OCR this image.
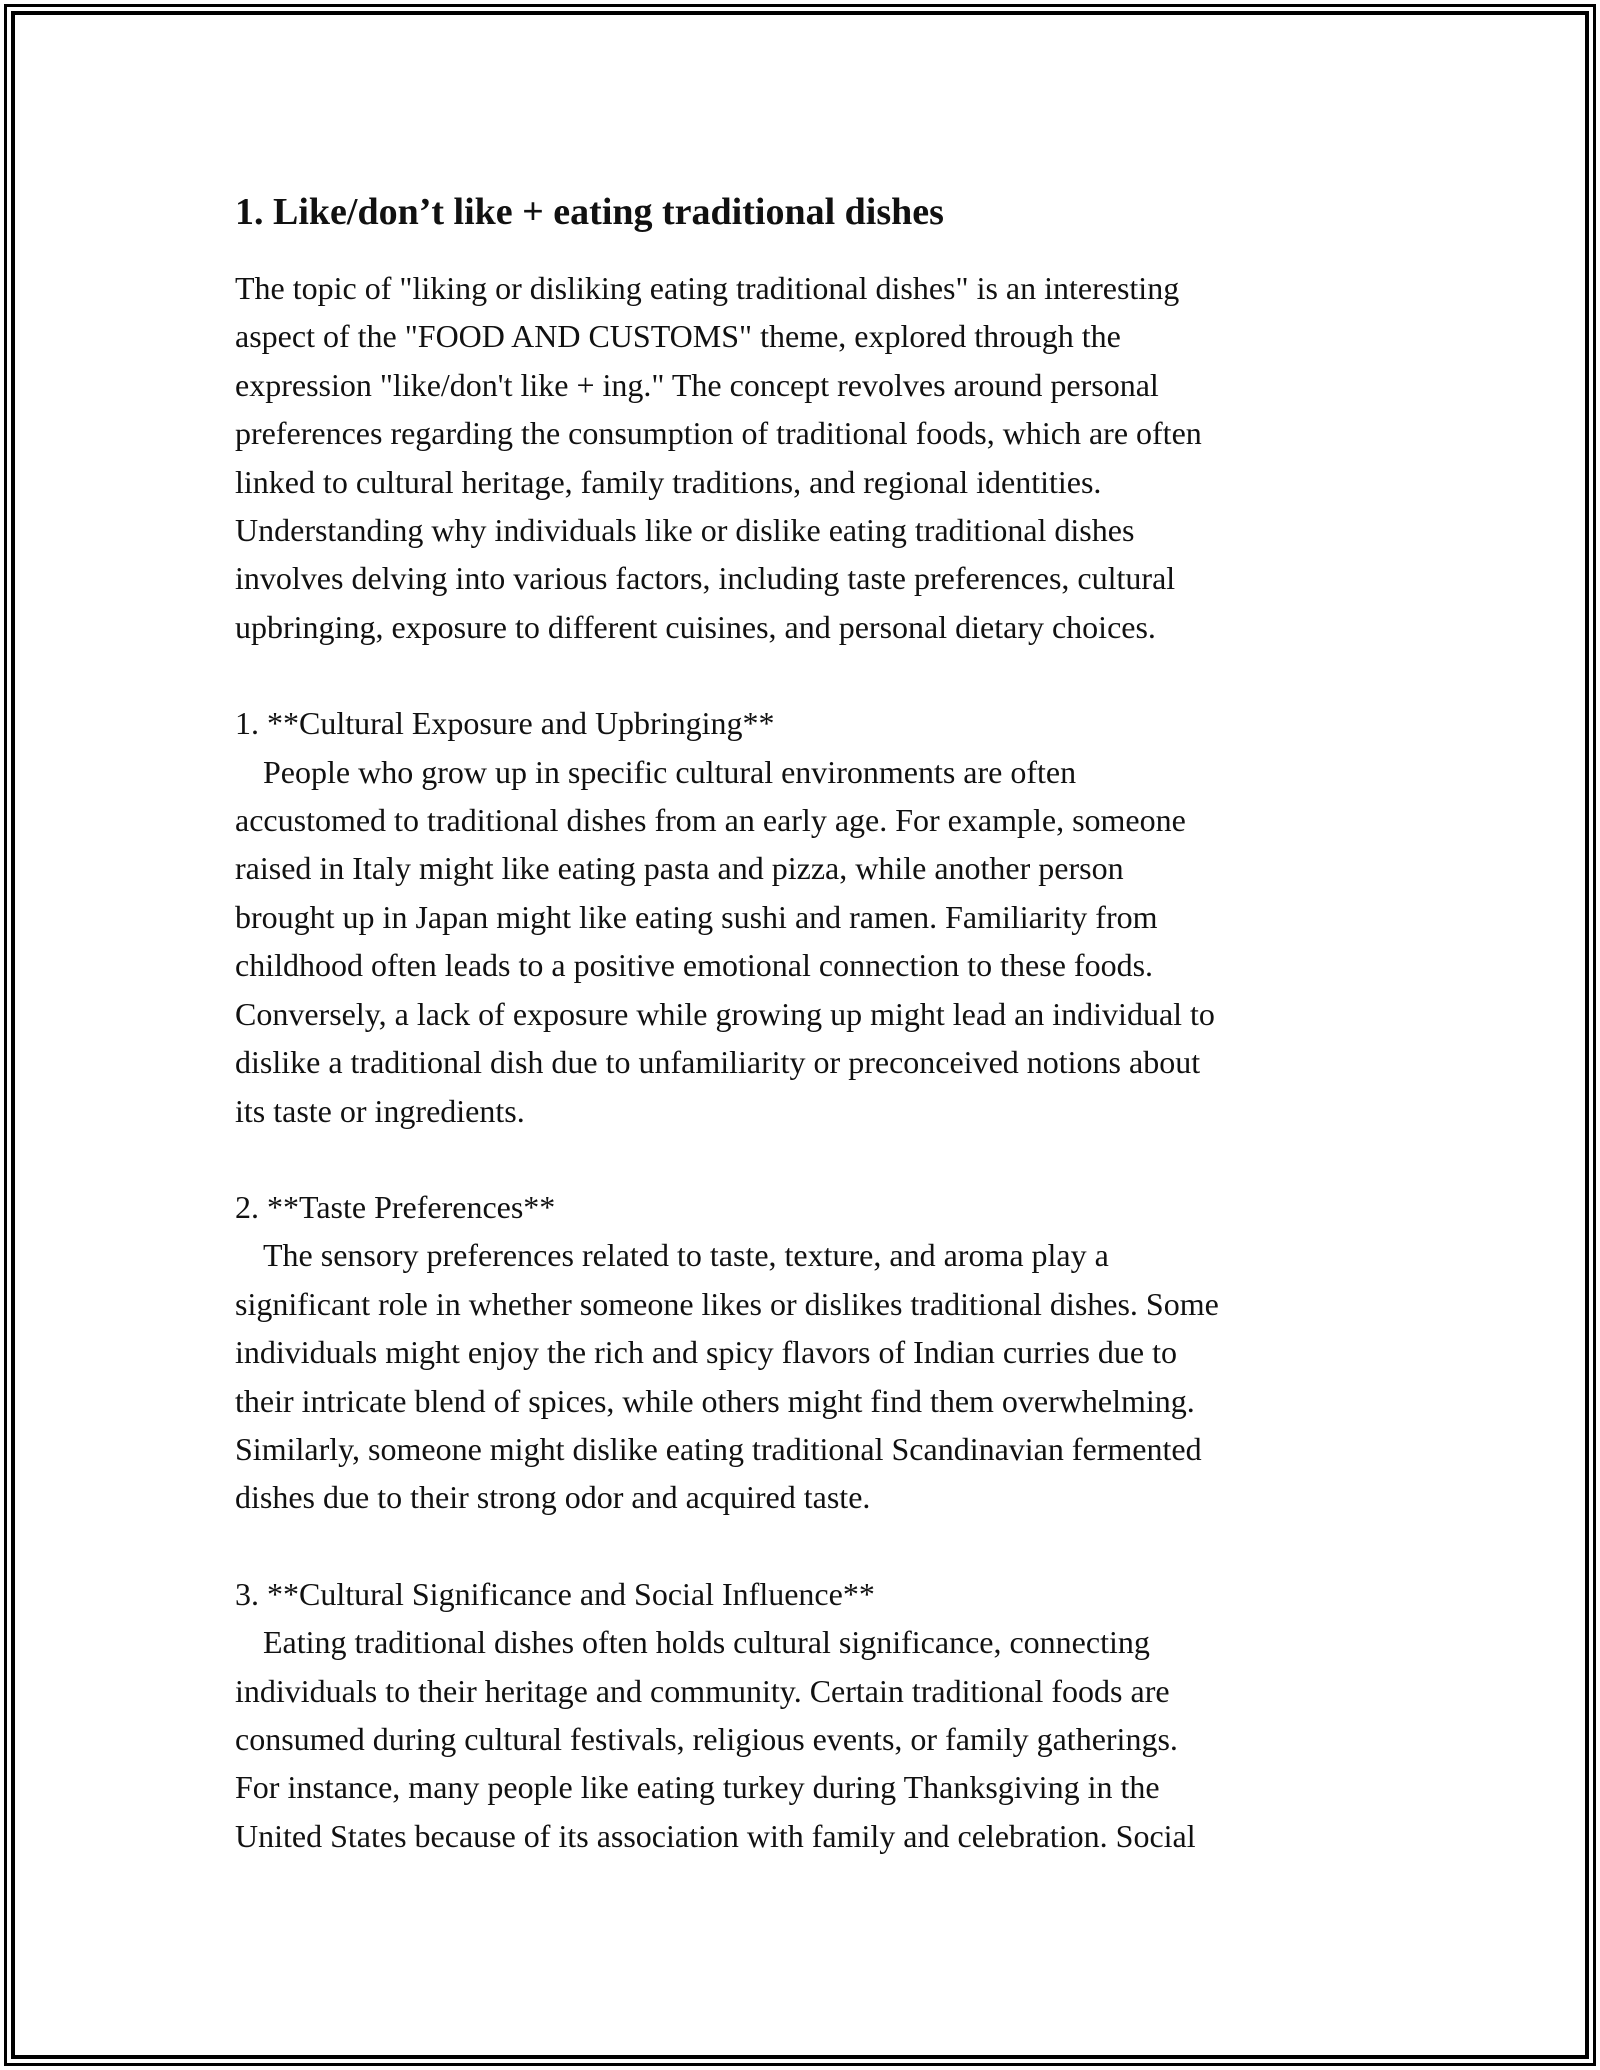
1. Like/don’t like + eating traditional dishes

The topic of "liking or disliking eating traditional dishes" is an interesting
aspect of the "FOOD AND CUSTOMS" theme, explored through the
expression "like/don't like + ing." The concept revolves around personal
preferences regarding the consumption of traditional foods, which are often
linked to cultural heritage, family traditions, and regional identities.
Understanding why individuals like or dislike eating traditional dishes
involves delving into various factors, including taste preferences, cultural
upbringing, exposure to different cuisines, and personal dietary choices.

1. **Cultural Exposure and Upbringing**
People who grow up in specific cultural environments are often
accustomed to traditional dishes from an early age. For example, someone
raised in Italy might like eating pasta and pizza, while another person
brought up in Japan might like eating sushi and ramen. Familiarity from
childhood often leads to a positive emotional connection to these foods.
Conversely, a lack of exposure while growing up might lead an individual to
dislike a traditional dish due to unfamiliarity or preconceived notions about
its taste or ingredients.
2. **Taste Preferences**
The sensory preferences related to taste, texture, and aroma play a
significant role in whether someone likes or dislikes traditional dishes. Some
individuals might enjoy the rich and spicy flavors of Indian curries due to
their intricate blend of spices, while others might find them overwhelming.
Similarly, someone might dislike eating traditional Scandinavian fermented
dishes due to their strong odor and acquired taste.
3. **Cultural Significance and Social Influence**
Eating traditional dishes often holds cultural significance, connecting
individuals to their heritage and community. Certain traditional foods are
consumed during cultural festivals, religious events, or family gatherings.
For instance, many people like eating turkey during Thanksgiving in the
United States because of its association with family and celebration. Social
